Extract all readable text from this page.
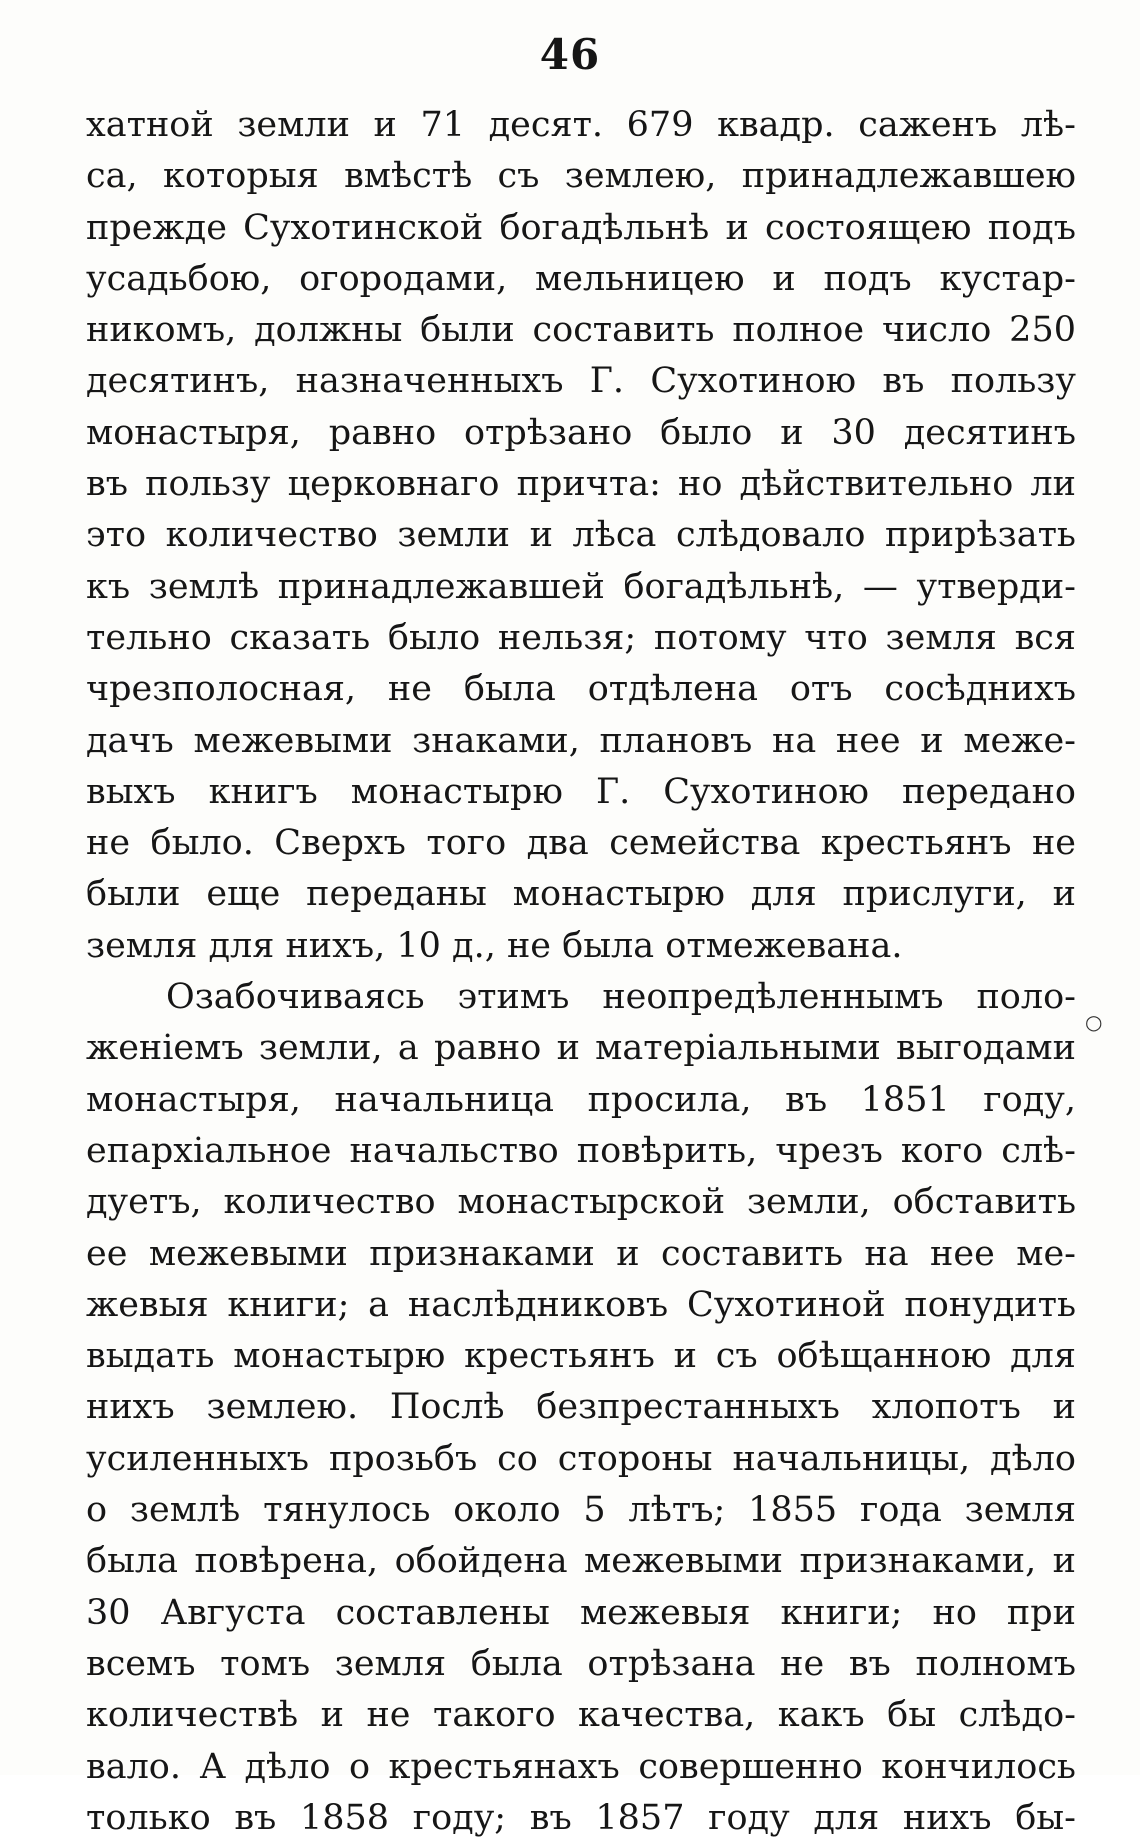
46
хатной земли и 71 десят. 679 квадр. саженъ лѣ-
са, которыя вмѣстѣ съ землею, принадлежавшею
прежде Сухотинской богадѣльнѣ и состоящею подъ
усадьбою, огородами, мельницею и подъ кустар-
никомъ, должны были составить полное число 250
десятинъ, назначенныхъ Г. Сухотиною въ пользу
монастыря, равно отрѣзано было и 30 десятинъ
въ пользу церковнаго причта: но дѣйствительно ли
это количество земли и лѣса слѣдовало прирѣзать
къ землѣ принадлежавшей богадѣльнѣ, — утверди-
тельно сказать было нельзя; потому что земля вся
чрезполосная, не была отдѣлена отъ сосѣднихъ
дачъ межевыми знаками, плановъ на нее и меже-
выхъ книгъ монастырю Г. Сухотиною передано
не было. Сверхъ того два семейства крестьянъ не
были еще переданы монастырю для прислуги, и
земля для нихъ, 10 д., не была отмежевана.
Озабочиваясь этимъ неопредѣленнымъ поло-
женіемъ земли, а равно и матеріальными выгодами
монастыря, начальница просила, въ 1851 году,
епархіальное начальство повѣрить, чрезъ кого слѣ-
дуетъ, количество монастырской земли, обставить
ее межевыми признаками и составить на нее ме-
жевыя книги; а наслѣдниковъ Сухотиной понудить
выдать монастырю крестьянъ и съ обѣщанною для
нихъ землею. Послѣ безпрестанныхъ хлопотъ и
усиленныхъ прозьбъ со стороны начальницы, дѣло
о землѣ тянулось около 5 лѣтъ; 1855 года земля
была повѣрена, обойдена межевыми признаками, и
30 Августа составлены межевыя книги; но при
всемъ томъ земля была отрѣзана не въ полномъ
количествѣ и не такого качества, какъ бы слѣдо-
вало. А дѣло о крестьянахъ совершенно кончилось
только въ 1858 году; въ 1857 году для нихъ бы-
○
